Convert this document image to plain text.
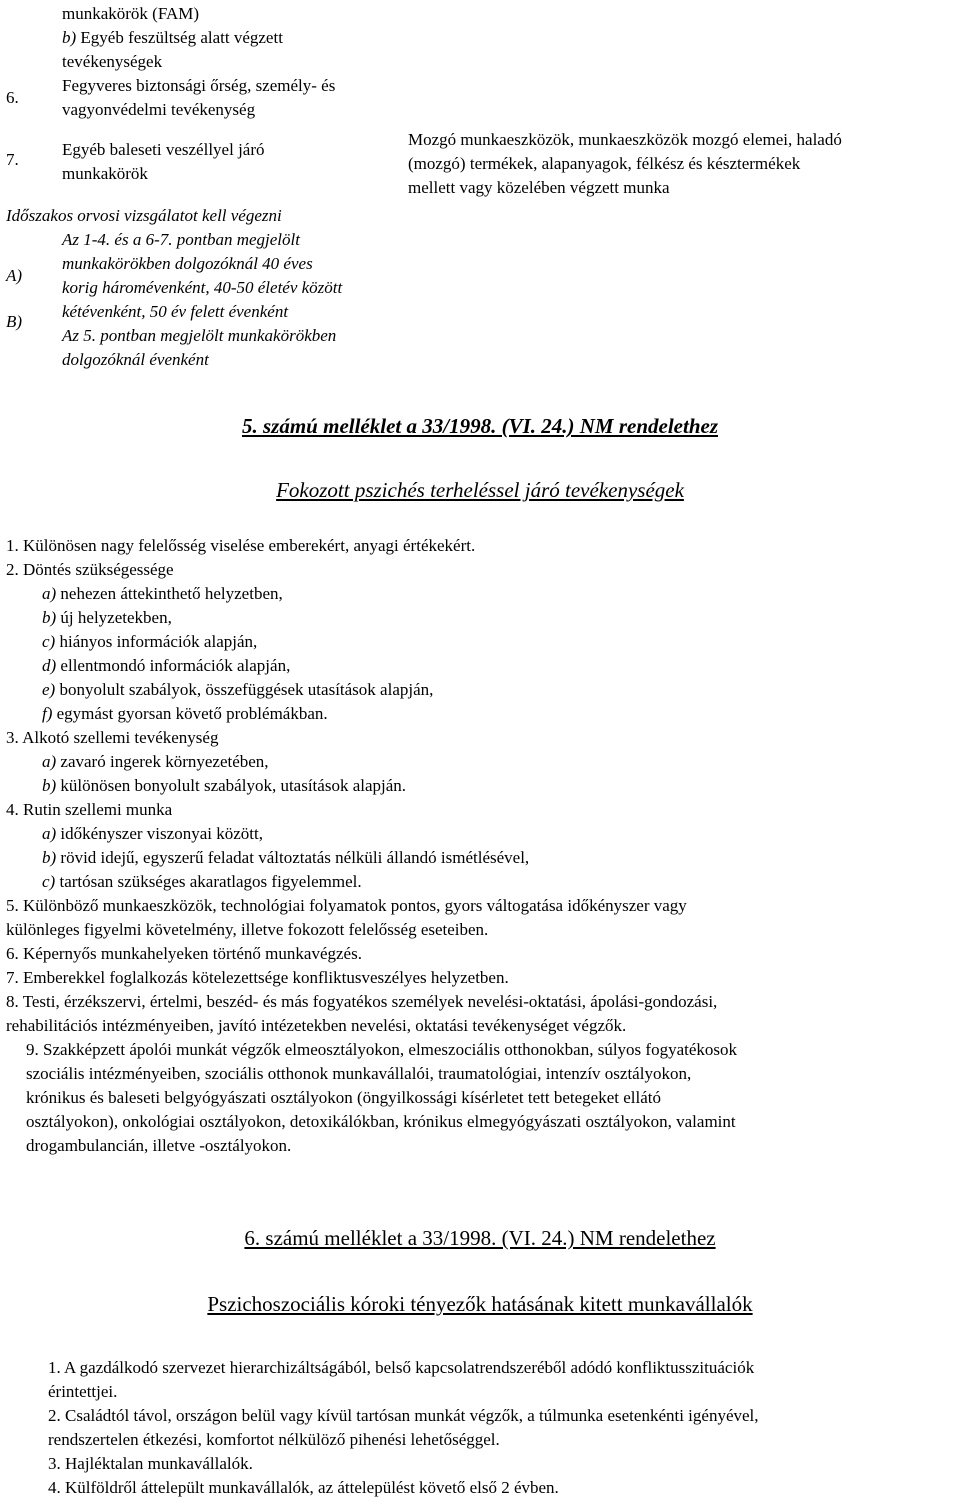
munkakörök (FAM)
b) Egyéb feszültség alatt végzett
tevékenységek
6.
Fegyveres biztonsági őrség, személy- és
vagyonvédelmi tevékenység
7.
Egyéb baleseti veszéllyel járó
munkakörök
Mozgó munkaeszközök, munkaeszközök mozgó elemei, haladó
(mozgó) termékek, alapanyagok, félkész és késztermékek
mellett vagy közelében végzett munka
Időszakos orvosi vizsgálatot kell végezni
A)
Az 1-4. és a 6-7. pontban megjelölt
munkakörökben dolgozóknál 40 éves
korig háromévenként, 40-50 életév között
kétévenként, 50 év felett évenként
B)
Az 5. pontban megjelölt munkakörökben
dolgozóknál évenként
5. számú melléklet a 33/1998. (VI. 24.) NM rendelethez
Fokozott pszichés terheléssel járó tevékenységek
1. Különösen nagy felelősség viselése emberekért, anyagi értékekért.
2. Döntés szükségessége
a) nehezen áttekinthető helyzetben,
b) új helyzetekben,
c) hiányos információk alapján,
d) ellentmondó információk alapján,
e) bonyolult szabályok, összefüggések utasítások alapján,
f) egymást gyorsan követő problémákban.
3. Alkotó szellemi tevékenység
a) zavaró ingerek környezetében,
b) különösen bonyolult szabályok, utasítások alapján.
4. Rutin szellemi munka
a) időkényszer viszonyai között,
b) rövid idejű, egyszerű feladat változtatás nélküli állandó ismétlésével,
c) tartósan szükséges akaratlagos figyelemmel.
5. Különböző munkaeszközök, technológiai folyamatok pontos, gyors váltogatása időkényszer vagy
különleges figyelmi követelmény, illetve fokozott felelősség eseteiben.
6. Képernyős munkahelyeken történő munkavégzés.
7. Emberekkel foglalkozás kötelezettsége konfliktusveszélyes helyzetben.
8. Testi, érzékszervi, értelmi, beszéd- és más fogyatékos személyek nevelési-oktatási, ápolási-gondozási,
rehabilitációs intézményeiben, javító intézetekben nevelési, oktatási tevékenységet végzők.
9. Szakképzett ápolói munkát végzők elmeosztályokon, elmeszociális otthonokban, súlyos fogyatékosok
szociális intézményeiben, szociális otthonok munkavállalói, traumatológiai, intenzív osztályokon,
krónikus és baleseti belgyógyászati osztályokon (öngyilkossági kísérletet tett betegeket ellátó
osztályokon), onkológiai osztályokon, detoxikálókban, krónikus elmegyógyászati osztályokon, valamint
drogambulancián, illetve -osztályokon.
6. számú melléklet a 33/1998. (VI. 24.) NM rendelethez
Pszichoszociális kóroki tényezők hatásának kitett munkavállalók
1. A gazdálkodó szervezet hierarchizáltságából, belső kapcsolatrendszeréből adódó konfliktusszituációk
érintettjei.
2. Családtól távol, országon belül vagy kívül tartósan munkát végzők, a túlmunka esetenkénti igényével,
rendszertelen étkezési, komfortot nélkülöző pihenési lehetőséggel.
3. Hajléktalan munkavállalók.
4. Külföldről áttelepült munkavállalók, az áttelepülést követő első 2 évben.
